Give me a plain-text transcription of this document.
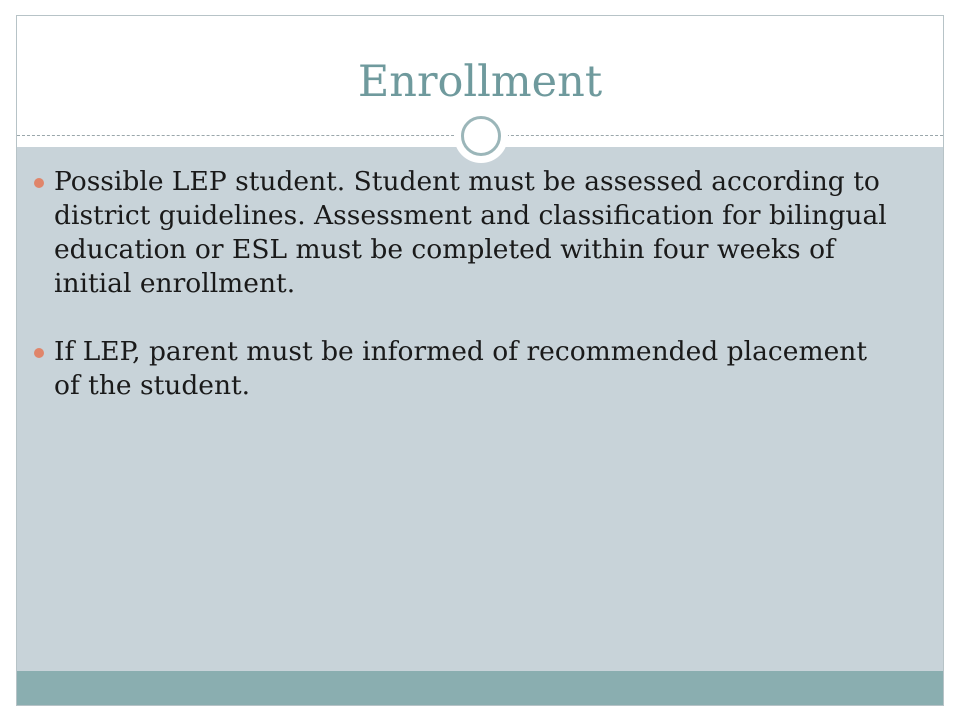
Enrollment
Possible LEP student. Student must be assessed according to district guidelines. Assessment and classification for bilingual education or ESL must be completed within four weeks of initial enrollment.
If LEP, parent must be informed of recommended placement of the student.
